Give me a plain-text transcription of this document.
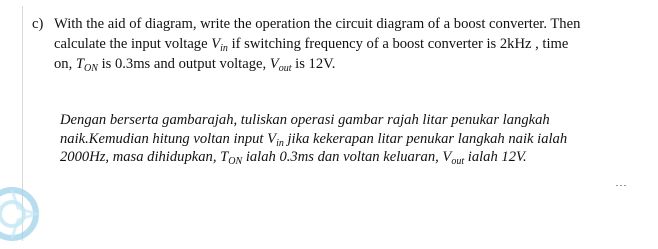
c) With the aid of diagram, write the operation the circuit diagram of a boost converter. Then
calculate the input voltage $V_{in}$ if switching frequency of a boost converter is 2kHz , time
on, $T_{ON}$ is 0.3ms and output voltage, $V_{out}$ is 12V.
Dengan berserta gambarajah, tuliskan operasi gambar rajah litar penukar langkah
naik.Kemudian hitung voltan input $V_{in}$ jika kekerapan litar penukar langkah naik ialah
2000Hz, masa dihidupkan, $T_{ON}$ ialah 0.3ms dan voltan keluaran, $V_{out}$ ialah 12V.
